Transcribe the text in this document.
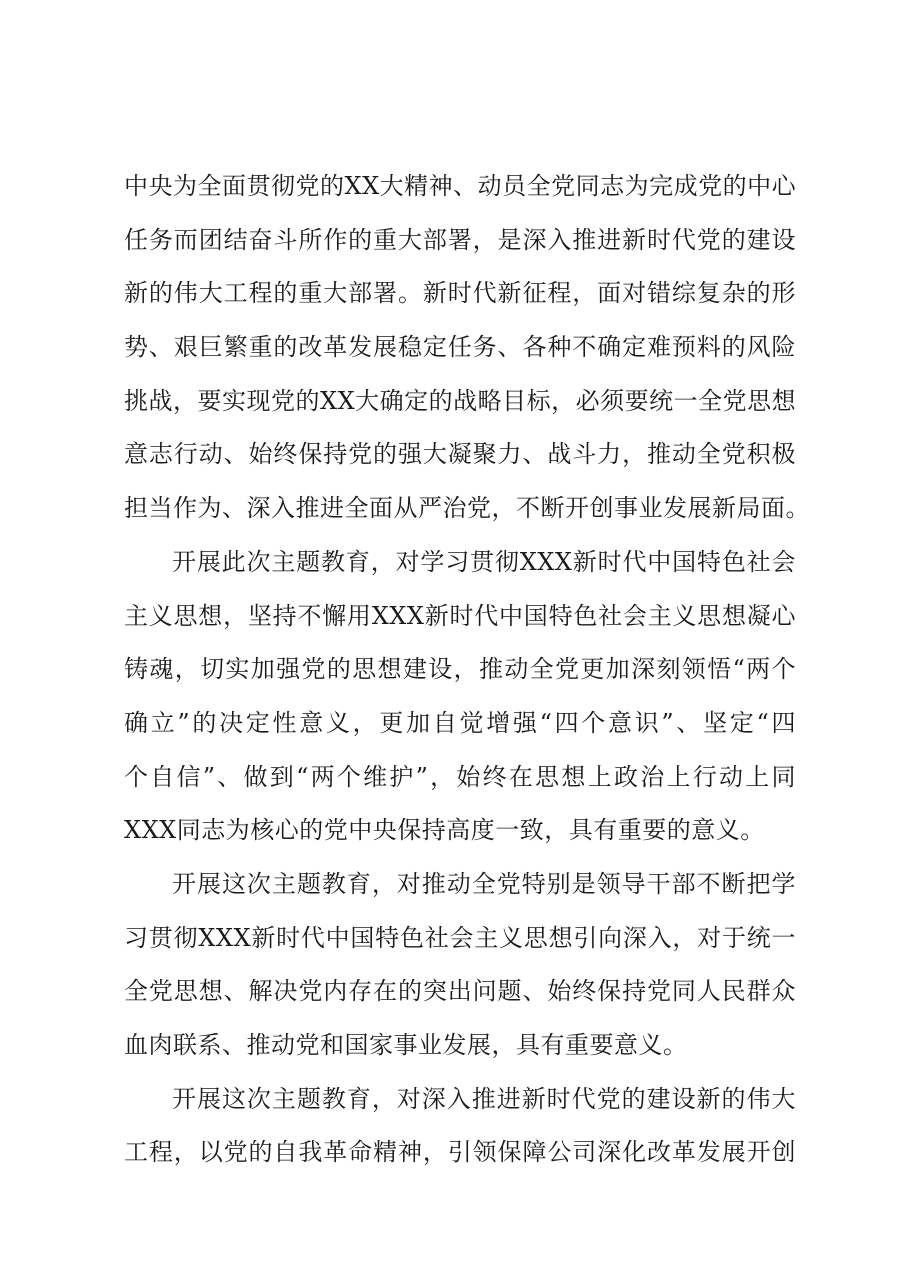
中央为全面贯彻党的XX大精神、动员全党同志为完成党的中心
任务而团结奋斗所作的重大部署，是深入推进新时代党的建设
新的伟大工程的重大部署。新时代新征程，面对错综复杂的形
势、艰巨繁重的改革发展稳定任务、各种不确定难预料的风险
挑战，要实现党的XX大确定的战略目标，必须要统一全党思想
意志行动、始终保持党的强大凝聚力、战斗力，推动全党积极
担当作为、深入推进全面从严治党，不断开创事业发展新局面。
开展此次主题教育，对学习贯彻XXX新时代中国特色社会
主义思想，坚持不懈用XXX新时代中国特色社会主义思想凝心
铸魂，切实加强党的思想建设，推动全党更加深刻领悟“两个
确立”的决定性意义，更加自觉增强“四个意识”、坚定“四
个自信”、做到“两个维护”，始终在思想上政治上行动上同
XXX同志为核心的党中央保持高度一致，具有重要的意义。
开展这次主题教育，对推动全党特别是领导干部不断把学
习贯彻XXX新时代中国特色社会主义思想引向深入，对于统一
全党思想、解决党内存在的突出问题、始终保持党同人民群众
血肉联系、推动党和国家事业发展，具有重要意义。
开展这次主题教育，对深入推进新时代党的建设新的伟大
工程，以党的自我革命精神，引领保障公司深化改革发展开创
